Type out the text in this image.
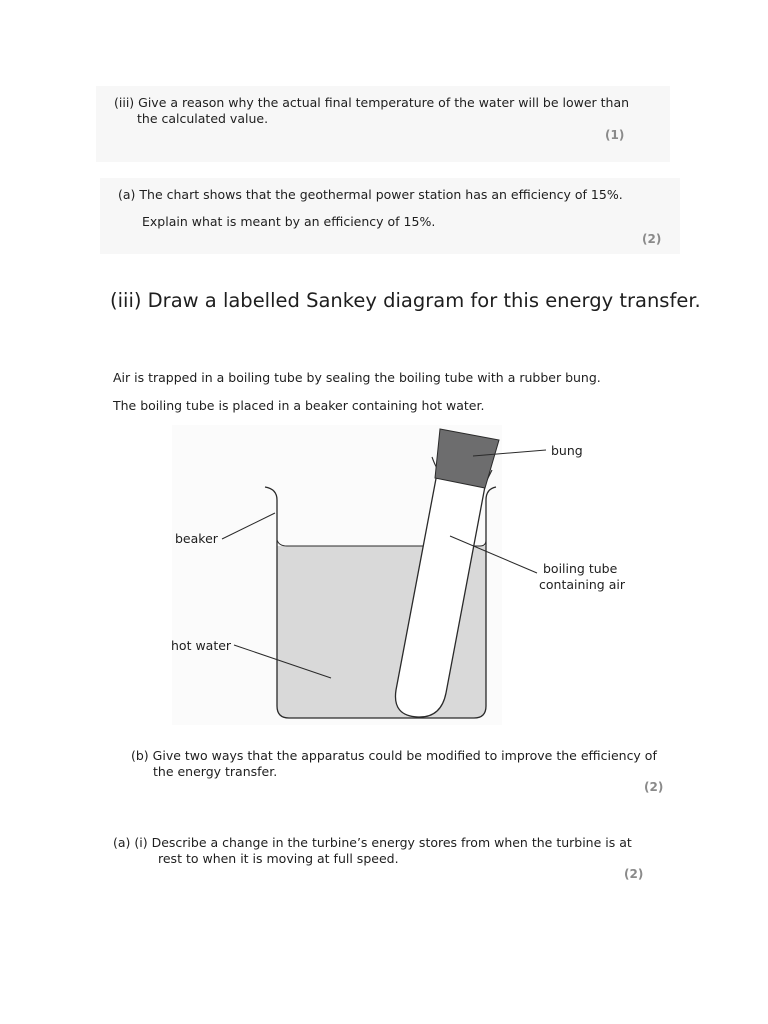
(iii) Give a reason why the actual final temperature of the water will be lower than
the calculated value.
(1)
(a) The chart shows that the geothermal power station has an efficiency of 15%.
Explain what is meant by an efficiency of 15%.
(2)
(iii) Draw a labelled Sankey diagram for this energy transfer.
Air is trapped in a boiling tube by sealing the boiling tube with a rubber bung.
The boiling tube is placed in a beaker containing hot water.
bung
beaker
boiling tube
containing air
hot water
(b) Give two ways that the apparatus could be modified to improve the efficiency of
the energy transfer.
(2)
(a) (i) Describe a change in the turbine’s energy stores from when the turbine is at
rest to when it is moving at full speed.
(2)
